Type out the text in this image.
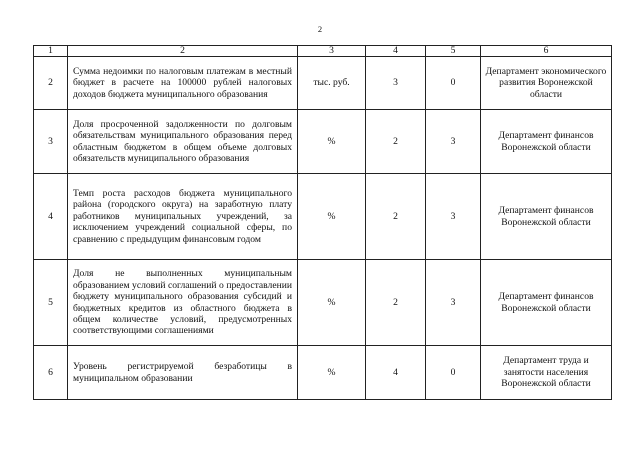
2
1	2	3	4	5	6
2	Сумма недоимки по налоговым платежам в местный бюджет в расчете на 100000 рублей налоговых доходов бюджета муниципального образования	тыс. руб.	3	0	Департамент экономического развития Воронежской области
3	Доля просроченной задолженности по долговым обязательствам муниципального образования перед областным бюджетом в общем объеме долговых обязательств муниципального образования	%	2	3	Департамент финансов Воронежской области
4	Темп роста расходов бюджета муниципального района (городского округа) на заработную плату работников муниципальных учреждений, за исключением учреждений социальной сферы, по сравнению с предыдущим финансовым годом	%	2	3	Департамент финансов Воронежской области
5	Доля не выполненных муниципальным образованием условий соглашений о предоставлении бюджету муниципального образования субсидий и бюджетных кредитов из областного бюджета в общем количестве условий, предусмотренных соответствующими соглашениями	%	2	3	Департамент финансов Воронежской области
6	Уровень регистрируемой безработицы в муниципальном образовании	%	4	0	Департамент труда и занятости населения Воронежской области
